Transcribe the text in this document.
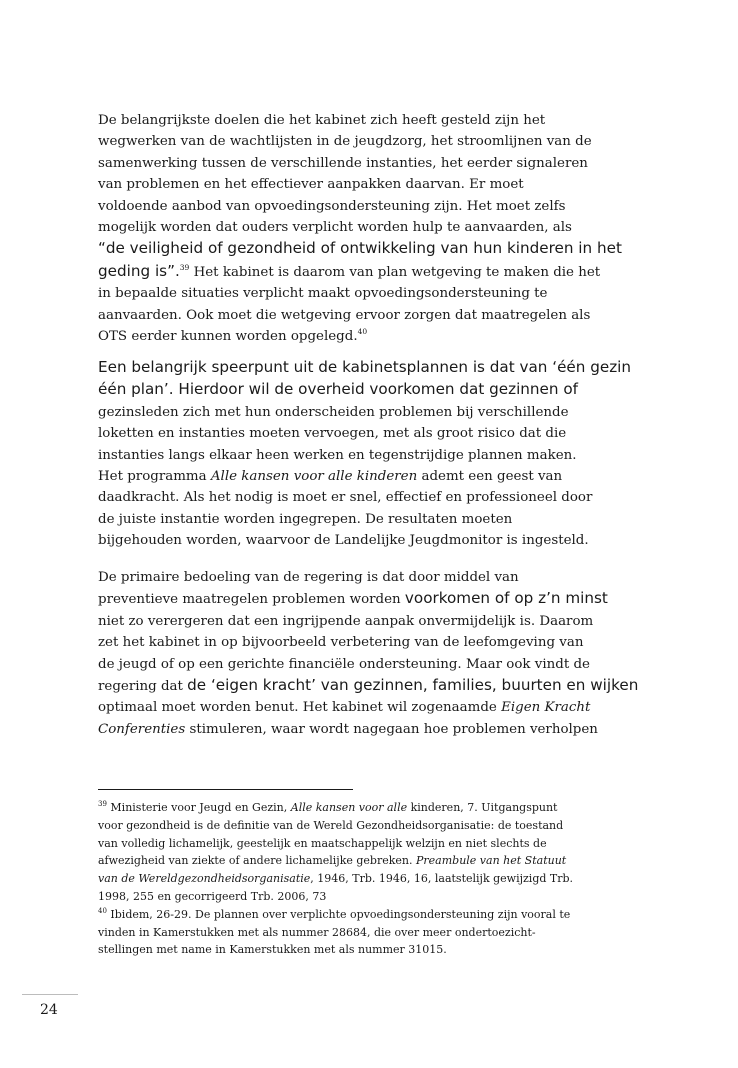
De belangrijkste doelen die het kabinet zich heeft gesteld zijn het
wegwerken van de wachtlijsten in de jeugdzorg, het stroomlijnen van de
samenwerking tussen de verschillende instanties, het eerder signaleren
van problemen en het effectiever aanpakken daarvan. Er moet
voldoende aanbod van opvoedingsondersteuning zijn. Het moet zelfs
mogelijk worden dat ouders verplicht worden hulp te aanvaarden, als
“de veiligheid of gezondheid of ontwikkeling van hun kinderen in het
geding is”.$^{39}$ Het kabinet is daarom van plan wetgeving te maken die het
in bepaalde situaties verplicht maakt opvoedingsondersteuning te
aanvaarden. Ook moet die wetgeving ervoor zorgen dat maatregelen als
OTS eerder kunnen worden opgelegd.$^{40}$
Een belangrijk speerpunt uit de kabinetsplannen is dat van ‘één gezin
één plan’. Hierdoor wil de overheid voorkomen dat gezinnen of
gezinsleden zich met hun onderscheiden problemen bij verschillende
loketten en instanties moeten vervoegen, met als groot risico dat die
instanties langs elkaar heen werken en tegenstrijdige plannen maken.
Het programma Alle kansen voor alle kinderen ademt een geest van
daadkracht. Als het nodig is moet er snel, effectief en professioneel door
de juiste instantie worden ingegrepen. De resultaten moeten
bijgehouden worden, waarvoor de Landelijke Jeugdmonitor is ingesteld.
De primaire bedoeling van de regering is dat door middel van
preventieve maatregelen problemen worden voorkomen of op z’n minst
niet zo verergeren dat een ingrijpende aanpak onvermijdelijk is. Daarom
zet het kabinet in op bijvoorbeeld verbetering van de leefomgeving van
de jeugd of op een gerichte financiële ondersteuning. Maar ook vindt de
regering dat de ‘eigen kracht’ van gezinnen, families, buurten en wijken
optimaal moet worden benut. Het kabinet wil zogenaamde Eigen Kracht
Conferenties stimuleren, waar wordt nagegaan hoe problemen verholpen
$^{39}$ Ministerie voor Jeugd en Gezin, Alle kansen voor alle kinderen, 7. Uitgangspunt
voor gezondheid is de definitie van de Wereld Gezondheidsorganisatie: de toestand
van volledig lichamelijk, geestelijk en maatschappelijk welzijn en niet slechts de
afwezigheid van ziekte of andere lichamelijke gebreken. Preambule van het Statuut
van de Wereldgezondheidsorganisatie, 1946, Trb. 1946, 16, laatstelijk gewijzigd Trb.
1998, 255 en gecorrigeerd Trb. 2006, 73
$^{40}$ Ibidem, 26-29. De plannen over verplichte opvoedingsondersteuning zijn vooral te
vinden in Kamerstukken met als nummer 28684, die over meer ondertoezicht-
stellingen met name in Kamerstukken met als nummer 31015.
24
